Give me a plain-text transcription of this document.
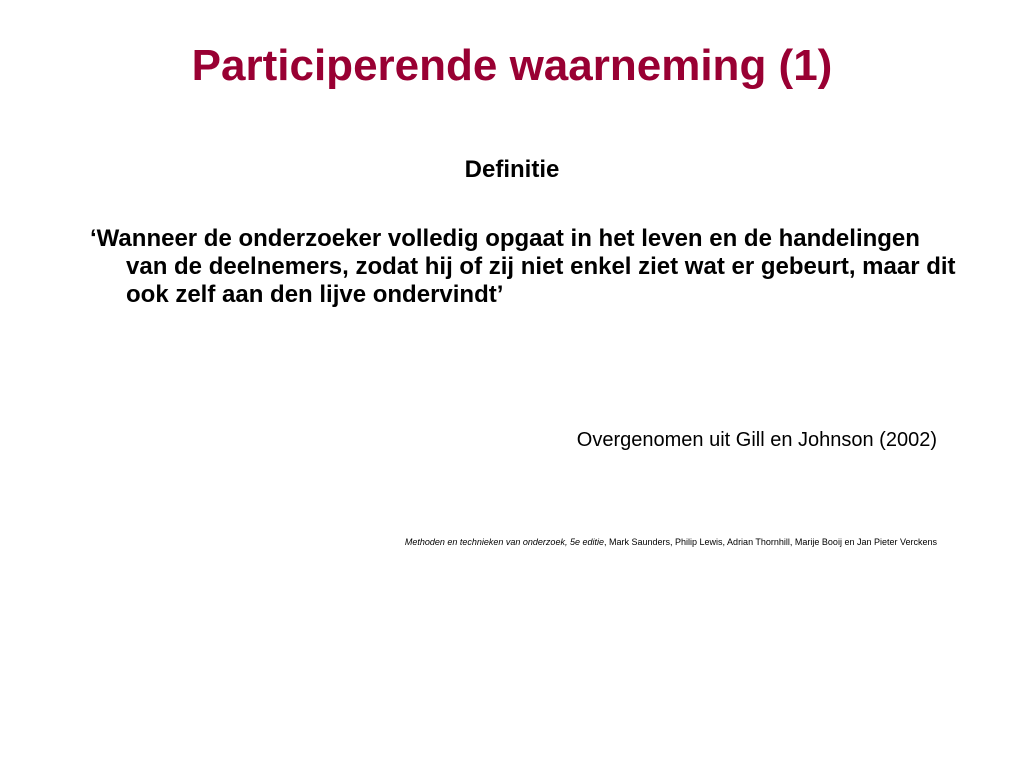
Participerende waarneming (1)

Definitie

‘Wanneer de onderzoeker volledig opgaat in het leven en de handelingen van de deelnemers, zodat hij of zij niet enkel ziet wat er gebeurt, maar dit ook zelf aan den lijve ondervindt’

Overgenomen uit Gill en Johnson (2002)

Methoden en technieken van onderzoek, 5e editie, Mark Saunders, Philip Lewis, Adrian Thornhill, Marije Booij en Jan Pieter Verckens
